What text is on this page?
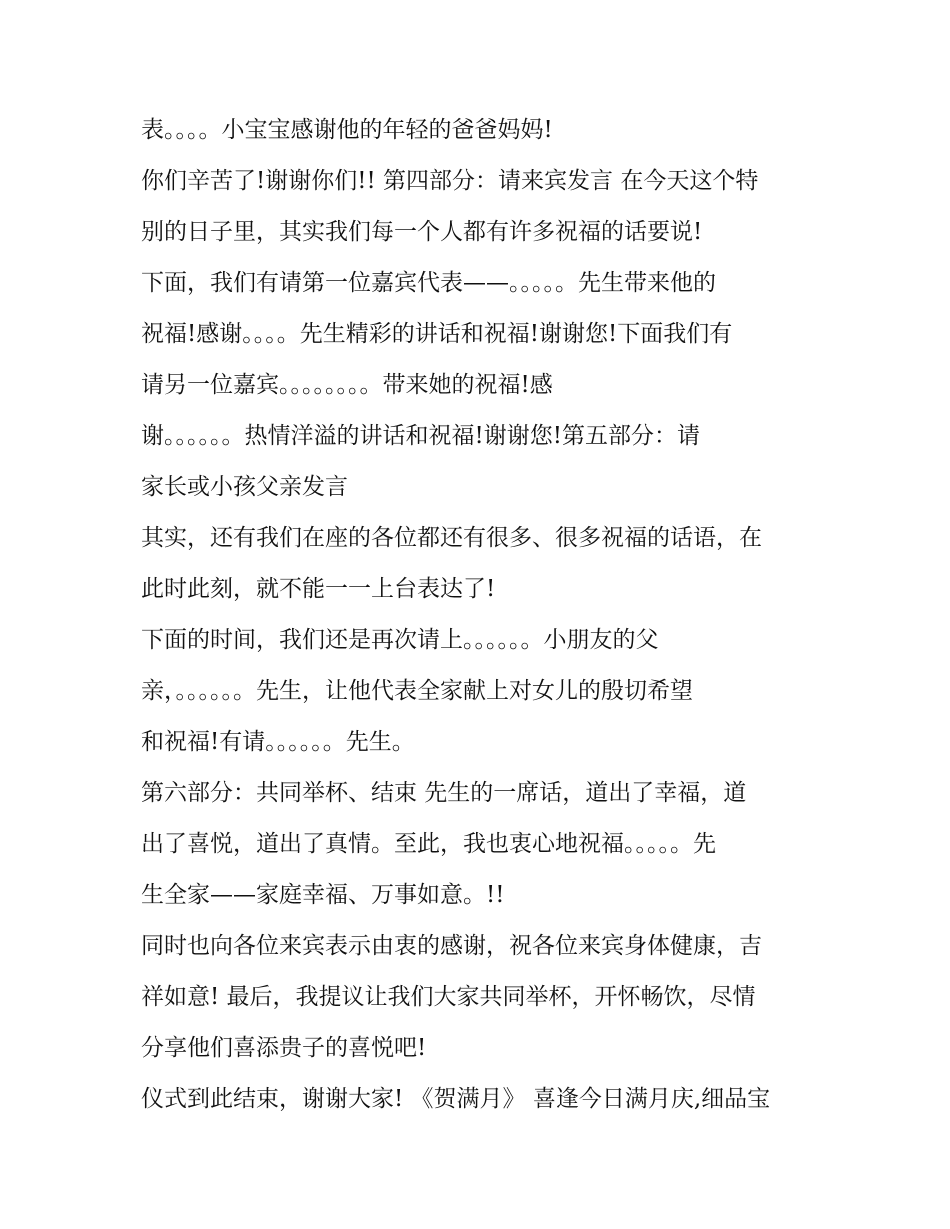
表。。。。小宝宝感谢他的年轻的爸爸妈妈!
你们辛苦了!谢谢你们!! 第四部分：请来宾发言 在今天这个特
别的日子里，其实我们每一个人都有许多祝福的话要说!
下面，我们有请第一位嘉宾代表——。。。。。先生带来他的
祝福!感谢。。。。先生精彩的讲话和祝福!谢谢您!下面我们有
请另一位嘉宾。。。。。。。。带来她的祝福!感
谢。。。。。。热情洋溢的讲话和祝福!谢谢您!第五部分：请
家长或小孩父亲发言
其实，还有我们在座的各位都还有很多、很多祝福的话语，在
此时此刻，就不能一一上台表达了!
下面的时间，我们还是再次请上。。。。。。小朋友的父
亲，。。。。。。先生，让他代表全家献上对女儿的殷切希望
和祝福!有请。。。。。。先生。
第六部分：共同举杯、结束 先生的一席话，道出了幸福，道
出了喜悦，道出了真情。至此，我也衷心地祝福。。。。。先
生全家——家庭幸福、万事如意。!!
同时也向各位来宾表示由衷的感谢，祝各位来宾身体健康，吉
祥如意! 最后，我提议让我们大家共同举杯，开怀畅饮，尽情
分享他们喜添贵子的喜悦吧!
仪式到此结束，谢谢大家! 《贺满月》 喜逢今日满月庆,细品宝
